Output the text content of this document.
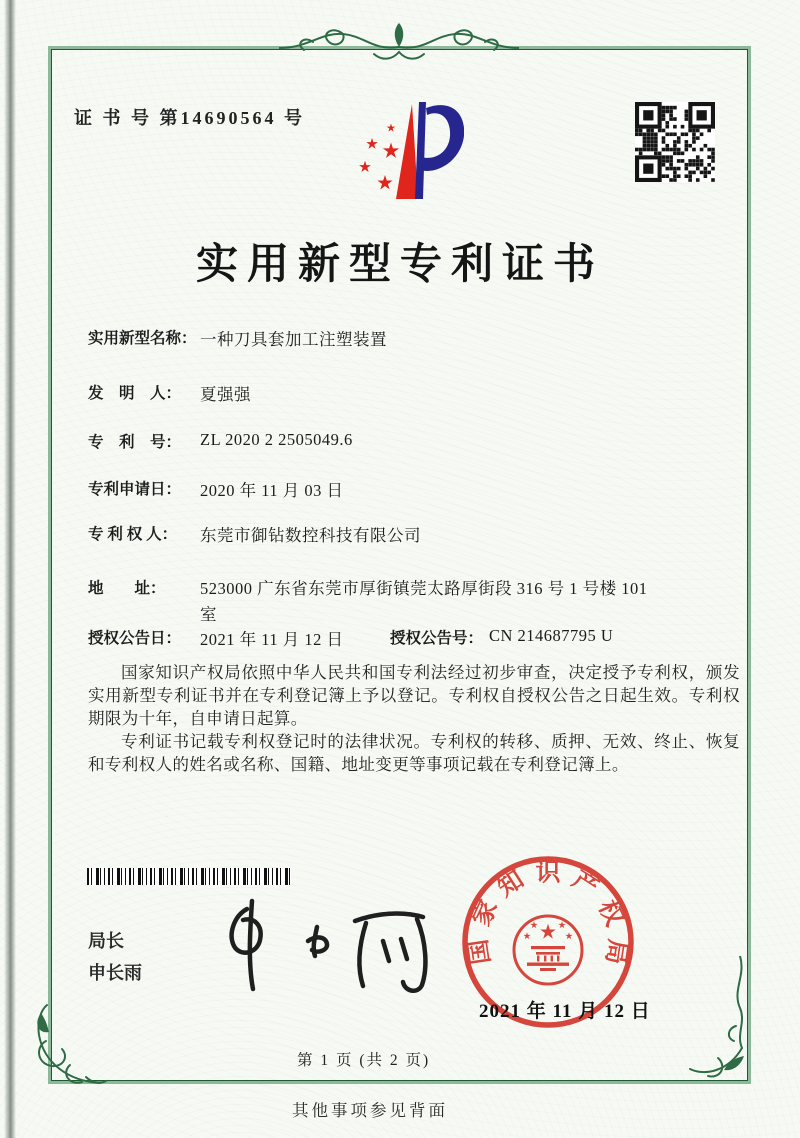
证 书 号 第14690564 号
实用新型专利证书
实用新型名称： 一种刀具套加工注塑装置
发　明　人： 夏强强
专　利　号： ZL 2020 2 2505049.6
专利申请日： 2020 年 11 月 03 日
专 利 权 人： 东莞市御钻数控科技有限公司
地　　址： 523000 广东省东莞市厚街镇莞太路厚街段 316 号 1 号楼 101
室
授权公告日： 2021 年 11 月 12 日	授权公告号： CN 214687795 U

国家知识产权局依照中华人民共和国专利法经过初步审查，决定授予专利权，颁发实用新型专利证书并在专利登记簿上予以登记。专利权自授权公告之日起生效。专利权期限为十年，自申请日起算。

专利证书记载专利权登记时的法律状况。专利权的转移、质押、无效、终止、恢复和专利权人的姓名或名称、国籍、地址变更等事项记载在专利登记簿上。

局长
申长雨
国家知识产权局
2021 年 11 月 12 日
第 1 页 (共 2 页)
其他事项参见背面
